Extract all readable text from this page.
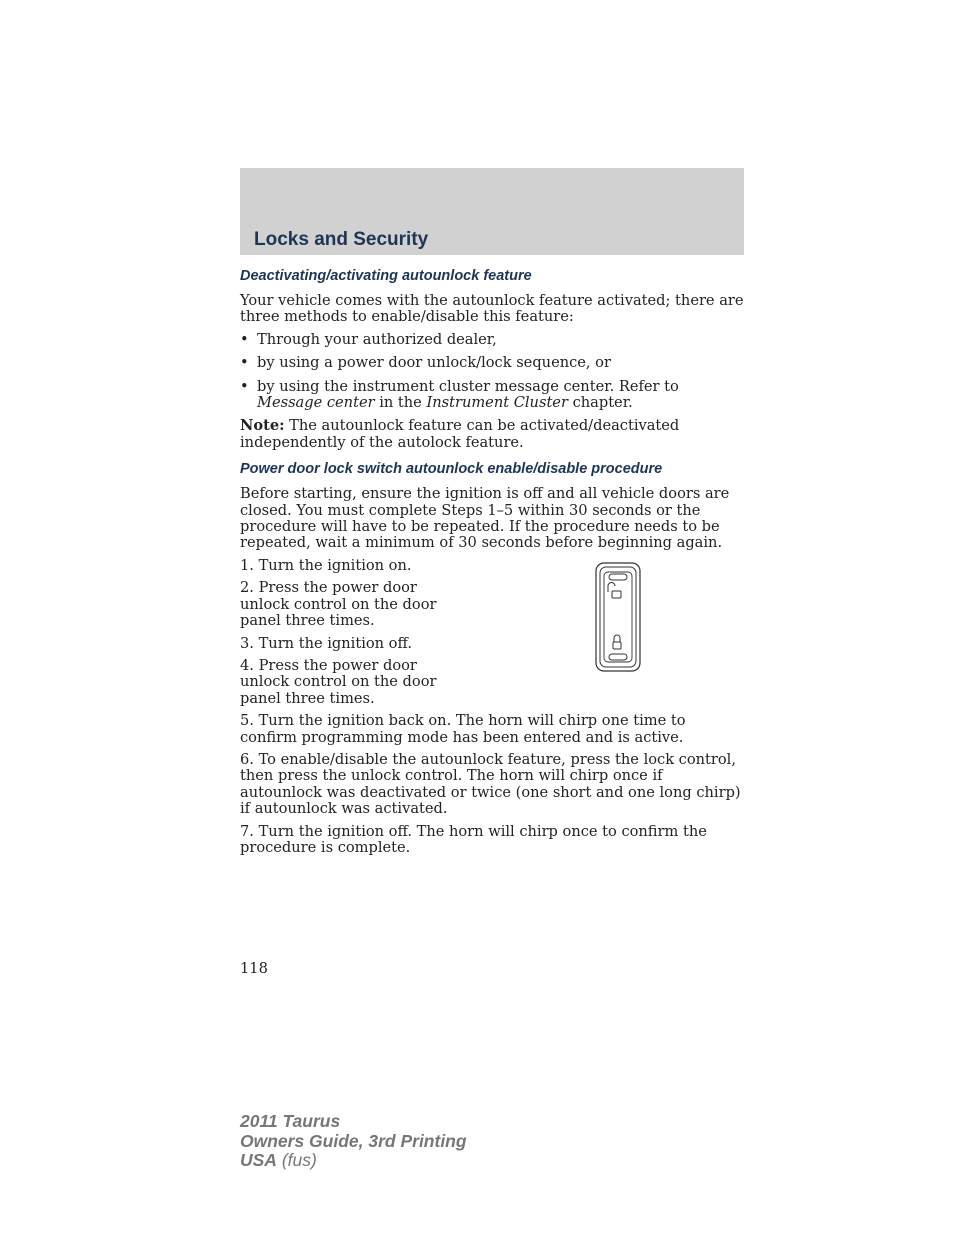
Locks and Security
Deactivating/activating autounlock feature

Your vehicle comes with the autounlock feature activated; there are three methods to enable/disable this feature:

• Through your authorized dealer,
• by using a power door unlock/lock sequence, or
• by using the instrument cluster message center. Refer to Message center in the Instrument Cluster chapter.

Note: The autounlock feature can be activated/deactivated independently of the autolock feature.

Power door lock switch autounlock enable/disable procedure

Before starting, ensure the ignition is off and all vehicle doors are closed. You must complete Steps 1–5 within 30 seconds or the procedure will have to be repeated. If the procedure needs to be repeated, wait a minimum of 30 seconds before beginning again.

1. Turn the ignition on.

2. Press the power door unlock control on the door panel three times.

3. Turn the ignition off.

4. Press the power door unlock control on the door panel three times.

5. Turn the ignition back on. The horn will chirp one time to confirm programming mode has been entered and is active.

6. To enable/disable the autounlock feature, press the lock control, then press the unlock control. The horn will chirp once if autounlock was deactivated or twice (one short and one long chirp) if autounlock was activated.

7. Turn the ignition off. The horn will chirp once to confirm the procedure is complete.

118
2011 Taurus
Owners Guide, 3rd Printing
USA (fus)
